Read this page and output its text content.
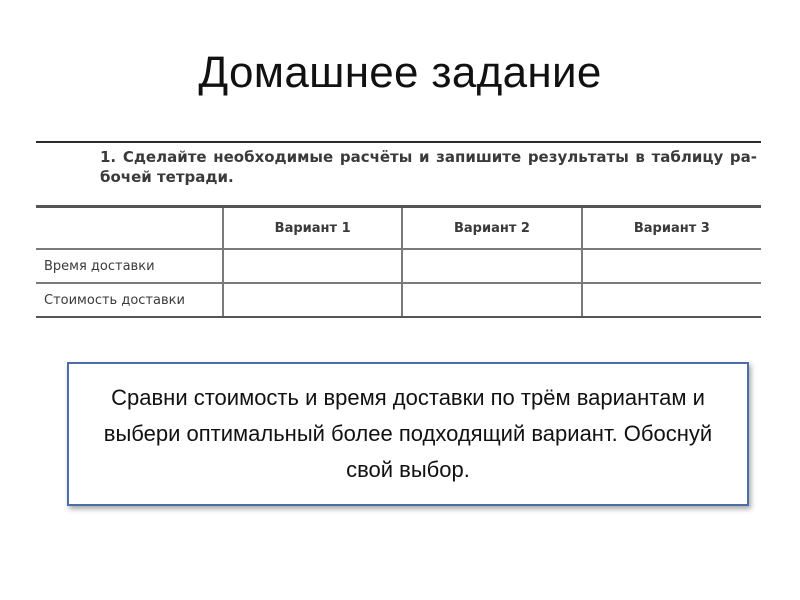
Домашнее задание
1. Сделайте необходимые расчёты и запишите результаты в таблицу ра-бочей тетради.
	Вариант 1	Вариант 2	Вариант 3
Время доставки			
Стоимость доставки			
Сравни стоимость и время доставки по трём вариантам и выбери оптимальный более подходящий вариант. Обоснуй свой выбор.
